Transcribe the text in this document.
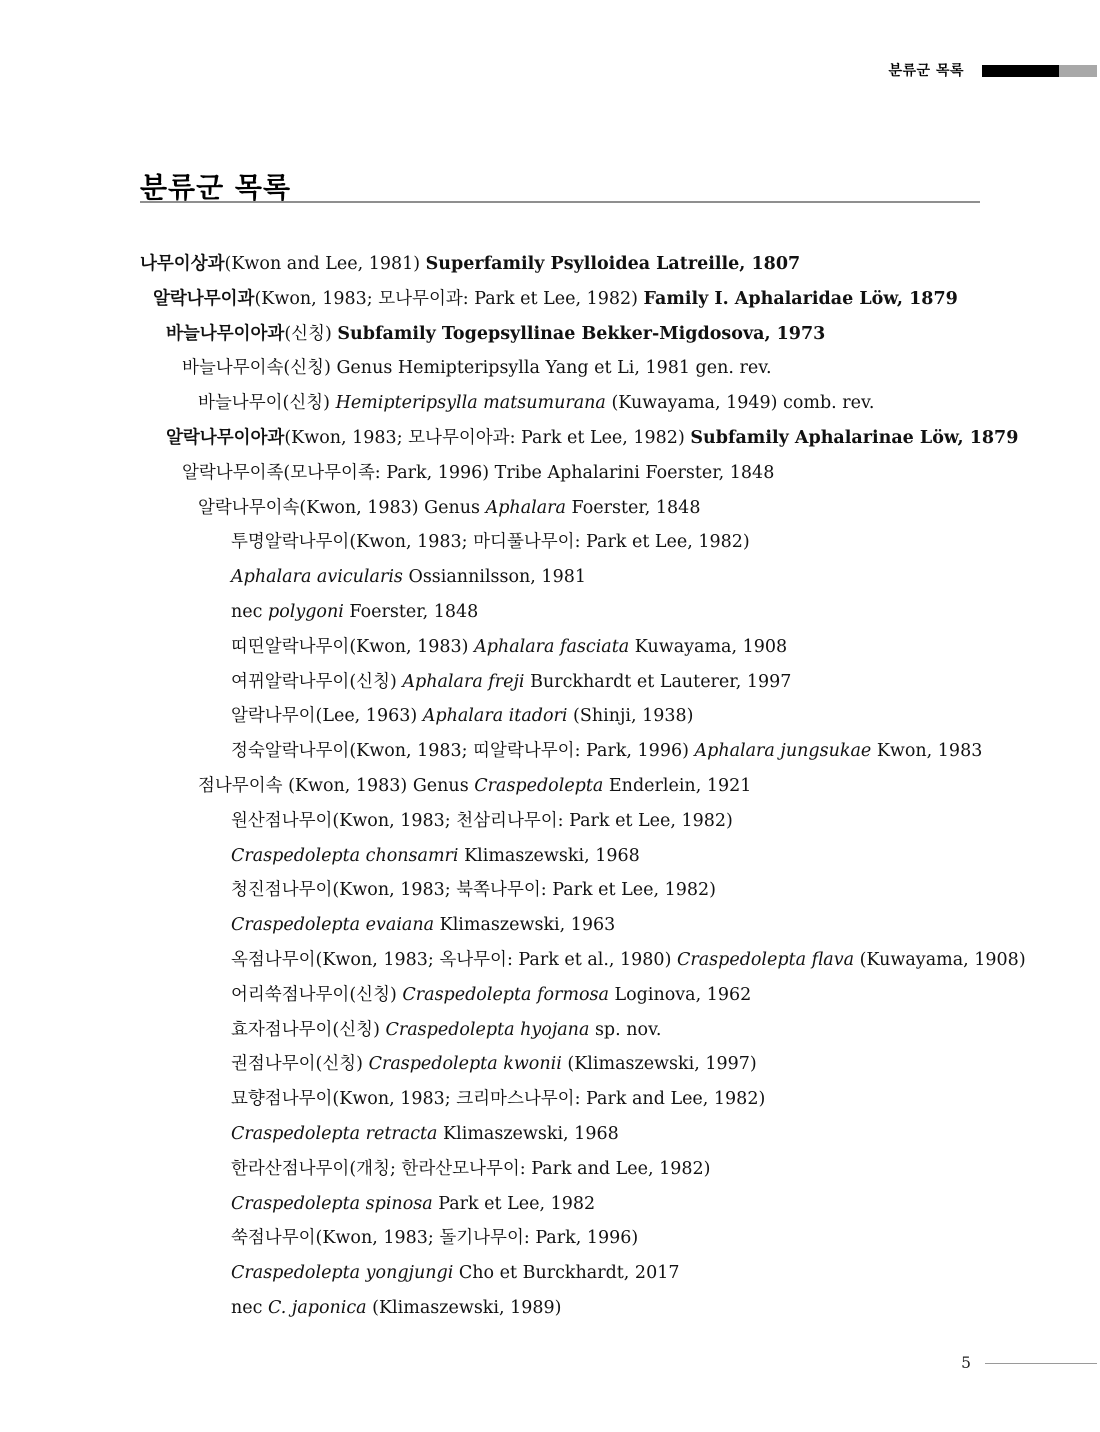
분류군 목록
분류군 목록
나무이상과(Kwon and Lee, 1981) Superfamily Psylloidea Latreille, 1807
알락나무이과(Kwon, 1983; 모나무이과: Park et Lee, 1982) Family I. Aphalaridae Löw, 1879
바늘나무이아과(신칭) Subfamily Togepsyllinae Bekker-Migdosova, 1973
바늘나무이속(신칭) Genus Hemipteripsylla Yang et Li, 1981 gen. rev.
바늘나무이(신칭) Hemipteripsylla matsumurana (Kuwayama, 1949) comb. rev.
알락나무이아과(Kwon, 1983; 모나무이아과: Park et Lee, 1982) Subfamily Aphalarinae Löw, 1879
알락나무이족(모나무이족: Park, 1996) Tribe Aphalarini Foerster, 1848
알락나무이속(Kwon, 1983) Genus Aphalara Foerster, 1848
투명알락나무이(Kwon, 1983; 마디풀나무이: Park et Lee, 1982)
Aphalara avicularis Ossiannilsson, 1981
nec polygoni Foerster, 1848
띠띤알락나무이(Kwon, 1983) Aphalara fasciata Kuwayama, 1908
여뀌알락나무이(신칭) Aphalara freji Burckhardt et Lauterer, 1997
알락나무이(Lee, 1963) Aphalara itadori (Shinji, 1938)
정숙알락나무이(Kwon, 1983; 띠알락나무이: Park, 1996) Aphalara jungsukae Kwon, 1983
점나무이속 (Kwon, 1983) Genus Craspedolepta Enderlein, 1921
원산점나무이(Kwon, 1983; 천삼리나무이: Park et Lee, 1982)
Craspedolepta chonsamri Klimaszewski, 1968
청진점나무이(Kwon, 1983; 북쪽나무이: Park et Lee, 1982)
Craspedolepta evaiana Klimaszewski, 1963
옥점나무이(Kwon, 1983; 옥나무이: Park et al., 1980) Craspedolepta flava (Kuwayama, 1908)
어리쑥점나무이(신칭) Craspedolepta formosa Loginova, 1962
효자점나무이(신칭) Craspedolepta hyojana sp. nov.
권점나무이(신칭) Craspedolepta kwonii (Klimaszewski, 1997)
묘향점나무이(Kwon, 1983; 크리마스나무이: Park and Lee, 1982)
Craspedolepta retracta Klimaszewski, 1968
한라산점나무이(개칭; 한라산모나무이: Park and Lee, 1982)
Craspedolepta spinosa Park et Lee, 1982
쑥점나무이(Kwon, 1983; 돌기나무이: Park, 1996)
Craspedolepta yongjungi Cho et Burckhardt, 2017
nec C. japonica (Klimaszewski, 1989)
5
